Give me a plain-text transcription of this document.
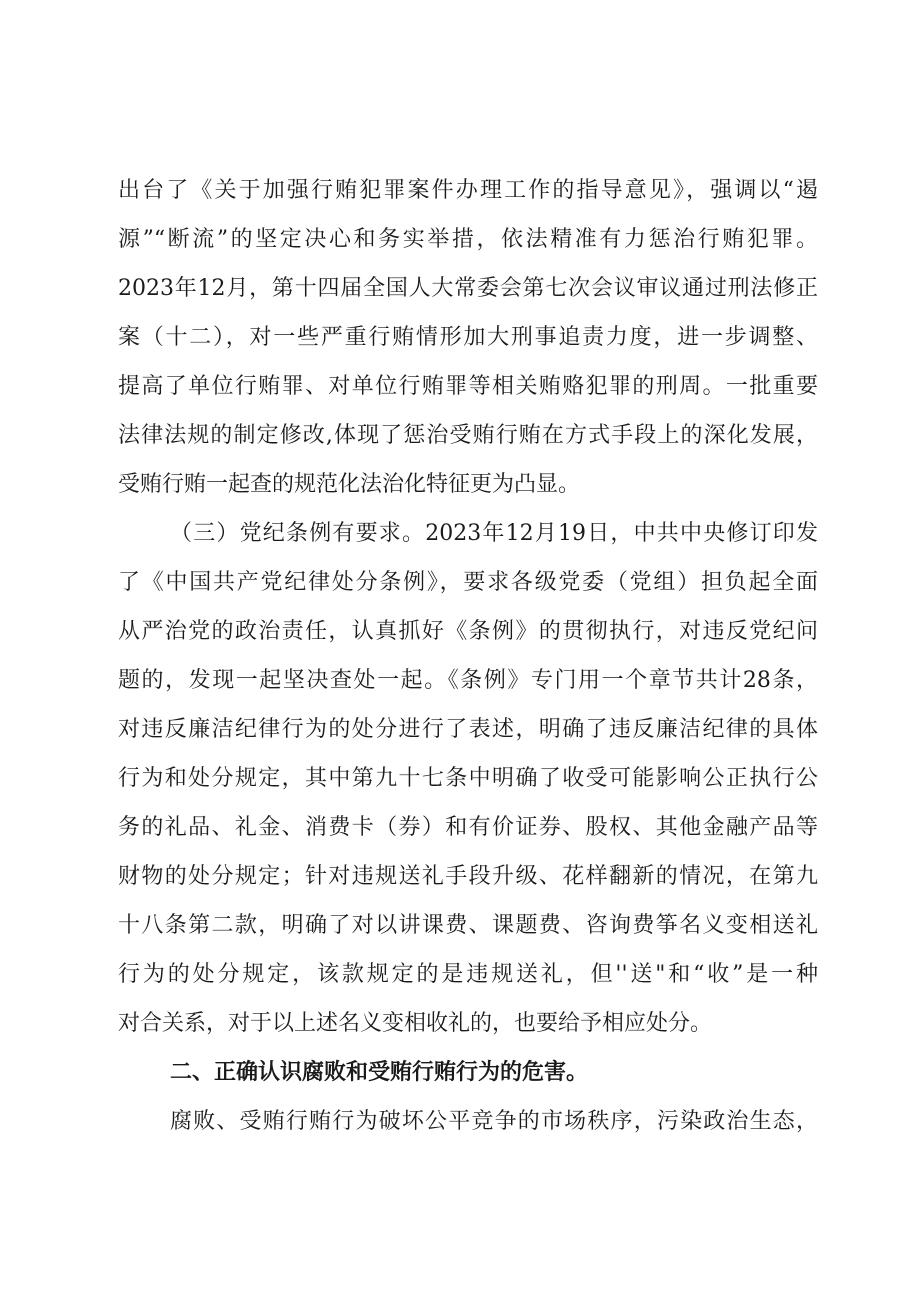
出台了《关于加强行贿犯罪案件办理工作的指导意见》，强调以“遏
源”“断流”的坚定决心和务实举措，依法精准有力惩治行贿犯罪。
2023年12月，第十四届全国人大常委会第七次会议审议通过刑法修正
案（十二），对一些严重行贿情形加大刑事追责力度，进一步调整、
提高了单位行贿罪、对单位行贿罪等相关贿赂犯罪的刑周。一批重要
法律法规的制定修改,体现了惩治受贿行贿在方式手段上的深化发展，
受贿行贿一起查的规范化法治化特征更为凸显。
（三）党纪条例有要求。2023年12月19日，中共中央修订印发
了《中国共产党纪律处分条例》，要求各级党委（党组）担负起全面
从严治党的政治责任，认真抓好《条例》的贯彻执行，对违反党纪问
题的，发现一起坚决查处一起。《条例》专门用一个章节共计28条，
对违反廉洁纪律行为的处分进行了表述，明确了违反廉洁纪律的具体
行为和处分规定，其中第九十七条中明确了收受可能影响公正执行公
务的礼品、礼金、消费卡（券）和有价证券、股权、其他金融产品等
财物的处分规定；针对违规送礼手段升级、花样翻新的情况，在第九
十八条第二款，明确了对以讲课费、课题费、咨询费筝名义变相送礼
行为的处分规定，该款规定的是违规送礼，但''送"和“收”是一种
对合关系，对于以上述名义变相收礼的，也要给予相应处分。
二、正确认识腐败和受贿行贿行为的危害。
腐败、受贿行贿行为破坏公平竞争的市场秩序，污染政治生态，
